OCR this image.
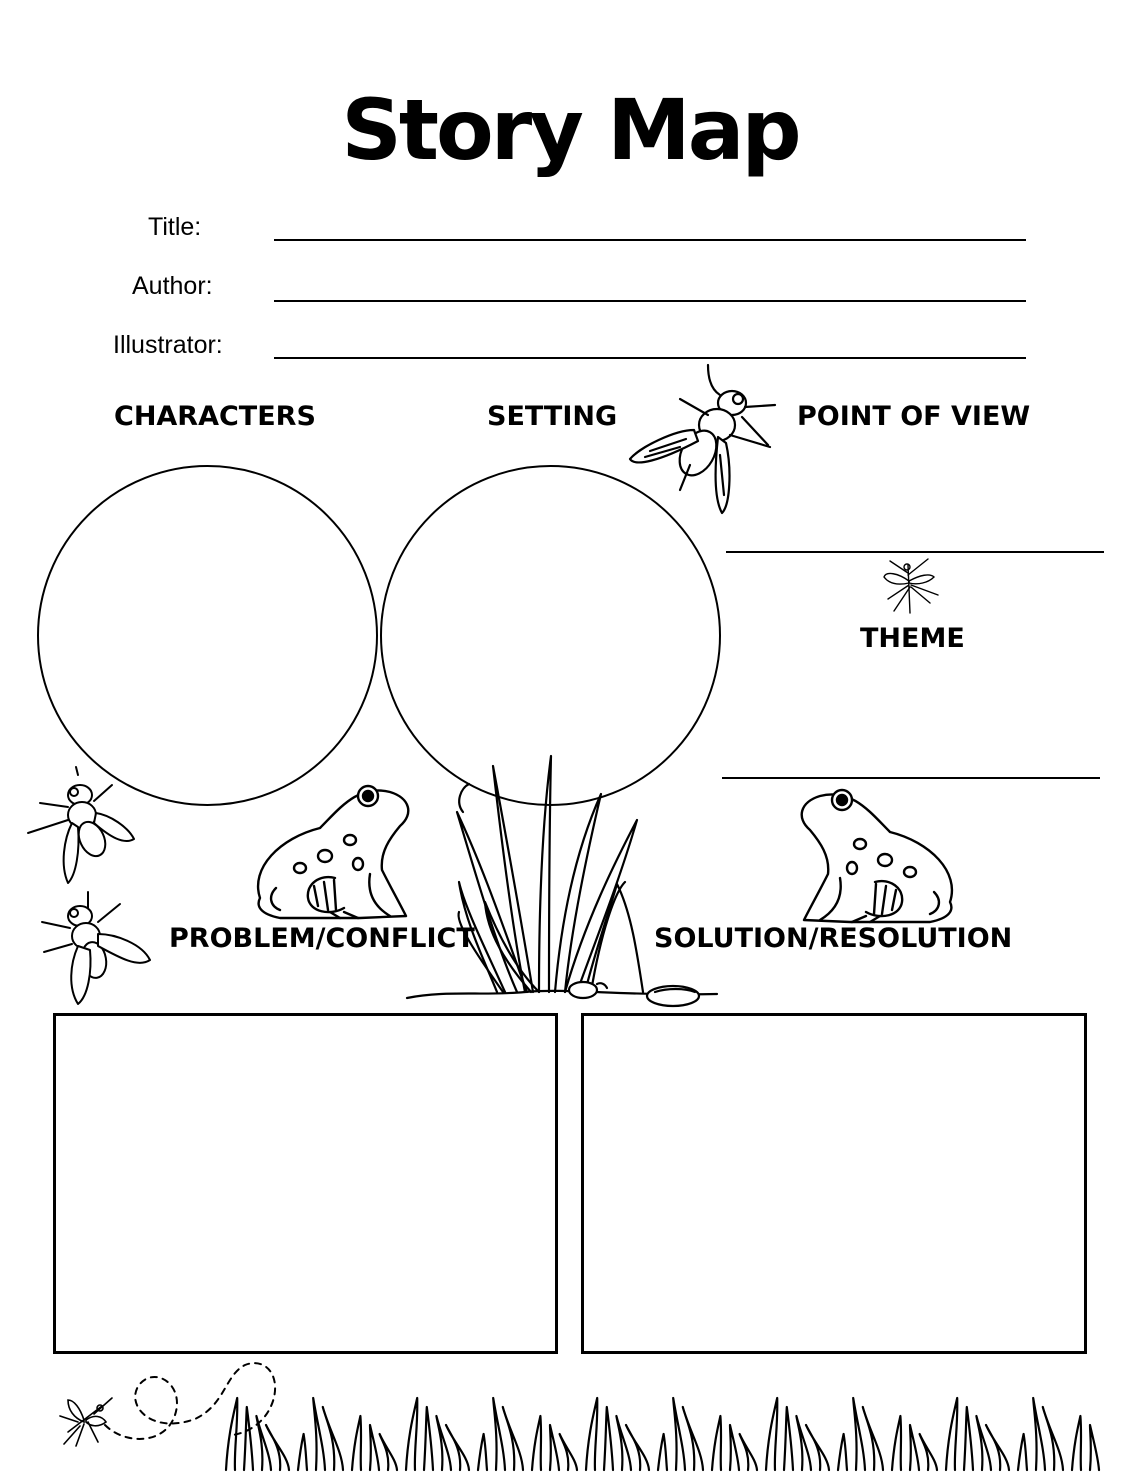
Story Map
Title:
Author:
Illustrator:
CHARACTERS	SETTING	POINT OF VIEW
THEME
PROBLEM/CONFLICT	SOLUTION/RESOLUTION
